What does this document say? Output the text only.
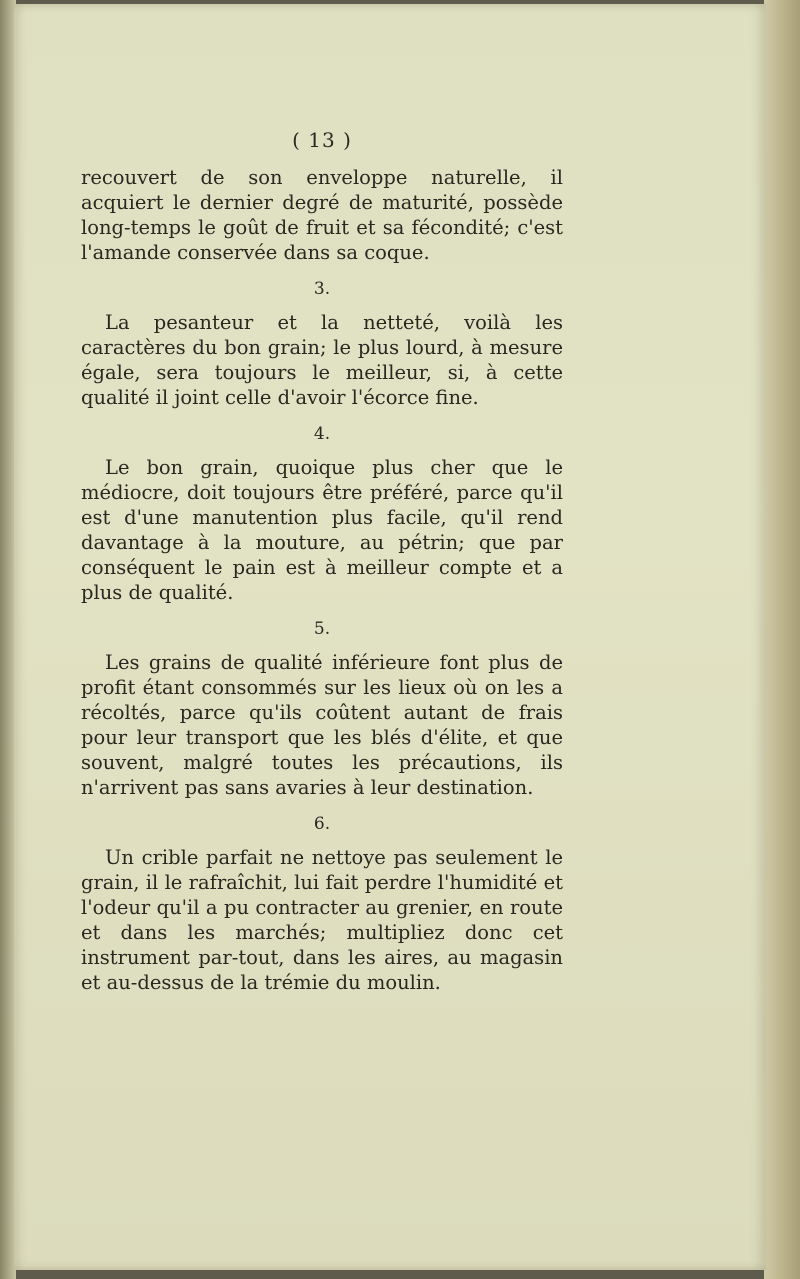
( 13 )

recouvert de son enveloppe naturelle, il acquiert le dernier degré de maturité, possède long-temps le goût de fruit et sa fécondité; c'est l'amande conservée dans sa coque.

3.

La pesanteur et la netteté, voilà les caractères du bon grain; le plus lourd, à mesure égale, sera toujours le meilleur, si, à cette qualité il joint celle d'avoir l'écorce fine.

4.

Le bon grain, quoique plus cher que le médiocre, doit toujours être préféré, parce qu'il est d'une manutention plus facile, qu'il rend davantage à la mouture, au pétrin; que par conséquent le pain est à meilleur compte et a plus de qualité.

5.

Les grains de qualité inférieure font plus de profit étant consommés sur les lieux où on les a récoltés, parce qu'ils coûtent autant de frais pour leur transport que les blés d'élite, et que souvent, malgré toutes les précautions, ils n'arrivent pas sans avaries à leur destination.

6.

Un crible parfait ne nettoye pas seulement le grain, il le rafraîchit, lui fait perdre l'humidité et l'odeur qu'il a pu contracter au grenier, en route et dans les marchés; multipliez donc cet instrument par-tout, dans les aires, au magasin et au-dessus de la trémie du moulin.
